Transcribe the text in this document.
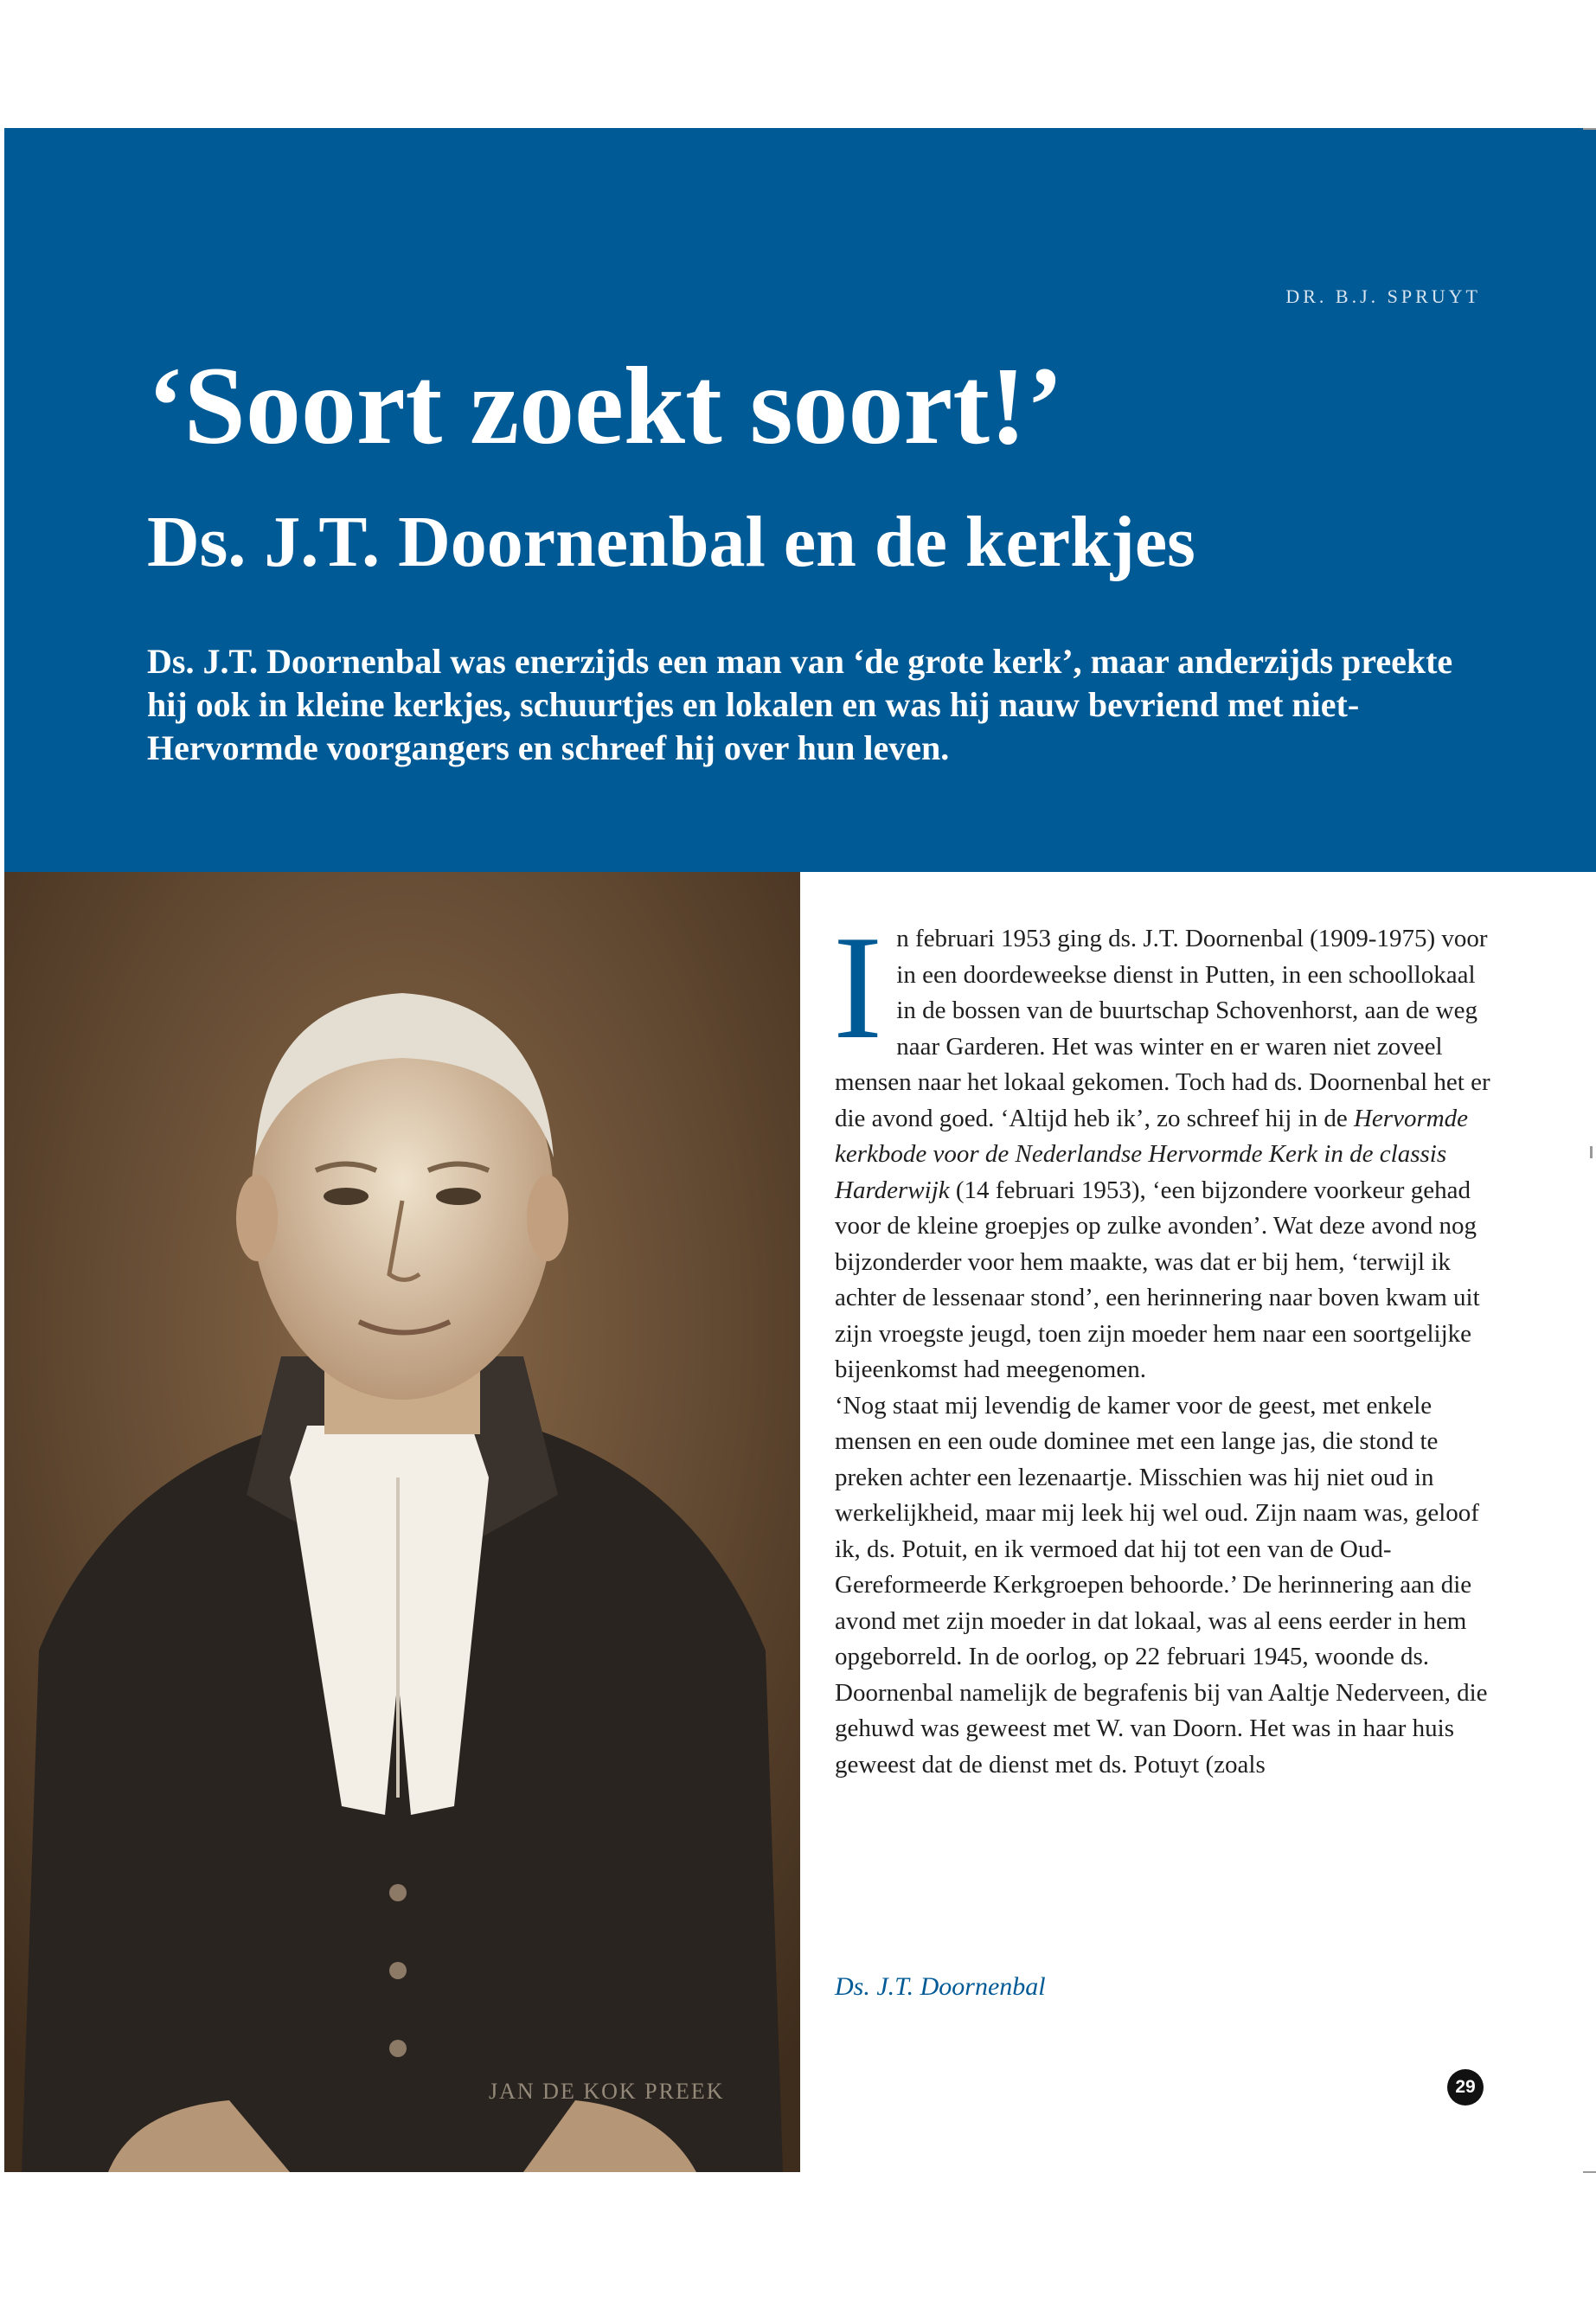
DR. B.J. SPRUYT
‘Soort zoekt soort!’
Ds. J.T. Doornenbal en de kerkjes

Ds. J.T. Doornenbal was enerzijds een man van ‘de grote kerk’, maar anderzijds preekte hij ook in kleine kerkjes, schuurtjes en lokalen en was hij nauw bevriend met niet-Hervormde voorgangers en schreef hij over hun leven.

JAN DE KOK PREEK

In februari 1953 ging ds. J.T. Doornenbal (1909-1975) voor in een doordeweekse dienst in Putten, in een schoollokaal in de bossen van de buurtschap Schovenhorst, aan de weg naar Garderen. Het was winter en er waren niet zoveel mensen naar het lokaal gekomen. Toch had ds. Doornenbal het er die avond goed. ‘Altijd heb ik’, zo schreef hij in de Hervormde kerkbode voor de Nederlandse Hervormde Kerk in de classis Harderwijk (14 februari 1953), ‘een bijzondere voorkeur gehad voor de kleine groepjes op zulke avonden’. Wat deze avond nog bijzonderder voor hem maakte, was dat er bij hem, ‘terwijl ik achter de lessenaar stond’, een herinnering naar boven kwam uit zijn vroegste jeugd, toen zijn moeder hem naar een soortgelijke bijeenkomst had meegenomen.

‘Nog staat mij levendig de kamer voor de geest, met enkele mensen en een oude dominee met een lange jas, die stond te preken achter een lezenaartje. Misschien was hij niet oud in werkelijkheid, maar mij leek hij wel oud. Zijn naam was, geloof ik, ds. Potuit, en ik vermoed dat hij tot een van de Oud-Gereformeerde Kerkgroepen behoorde.’ De herinnering aan die avond met zijn moeder in dat lokaal, was al eens eerder in hem opgeborreld. In de oorlog, op 22 februari 1945, woonde ds. Doornenbal namelijk de begrafenis bij van Aaltje Nederveen, die gehuwd was geweest met W. van Doorn. Het was in haar huis geweest dat de dienst met ds. Potuyt (zoals

Ds. J.T. Doornenbal
29
